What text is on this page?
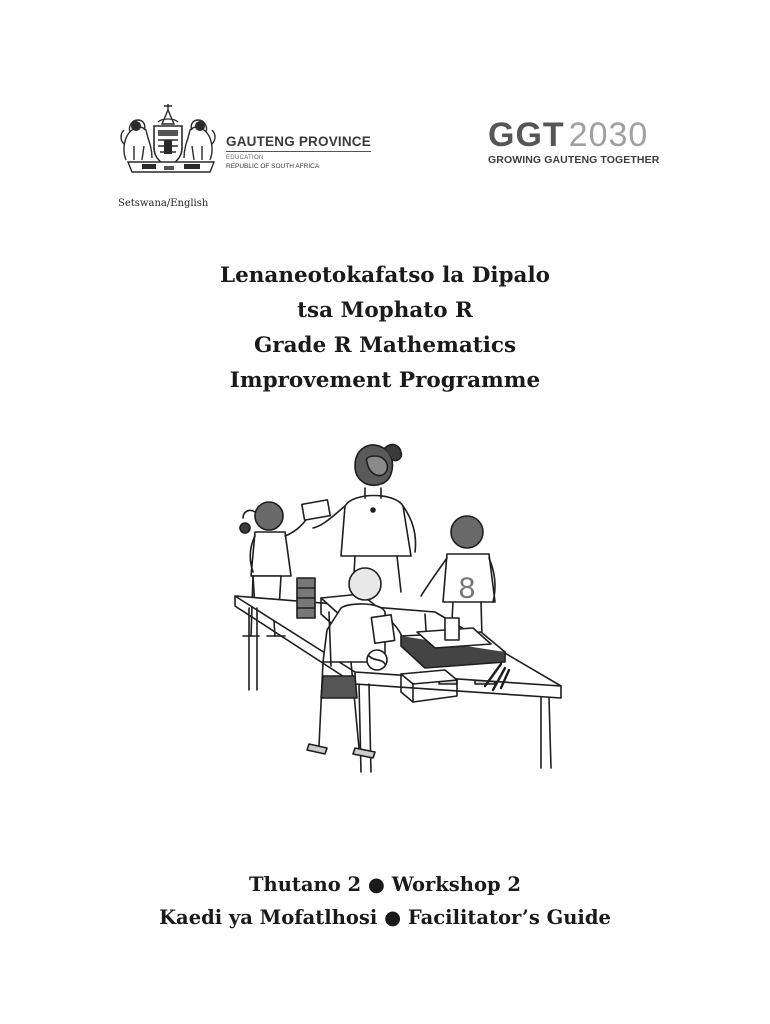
GAUTENG PROVINCE
EDUCATION
REPUBLIC OF SOUTH AFRICA
GGT 2030
GROWING GAUTENG TOGETHER
Setswana/English
Lenaneotokafatso la Dipalo
tsa Mophato R
Grade R Mathematics
Improvement Programme
8
Thutano 2 ● Workshop 2
Kaedi ya Mofatlhosi ● Facilitator’s Guide
